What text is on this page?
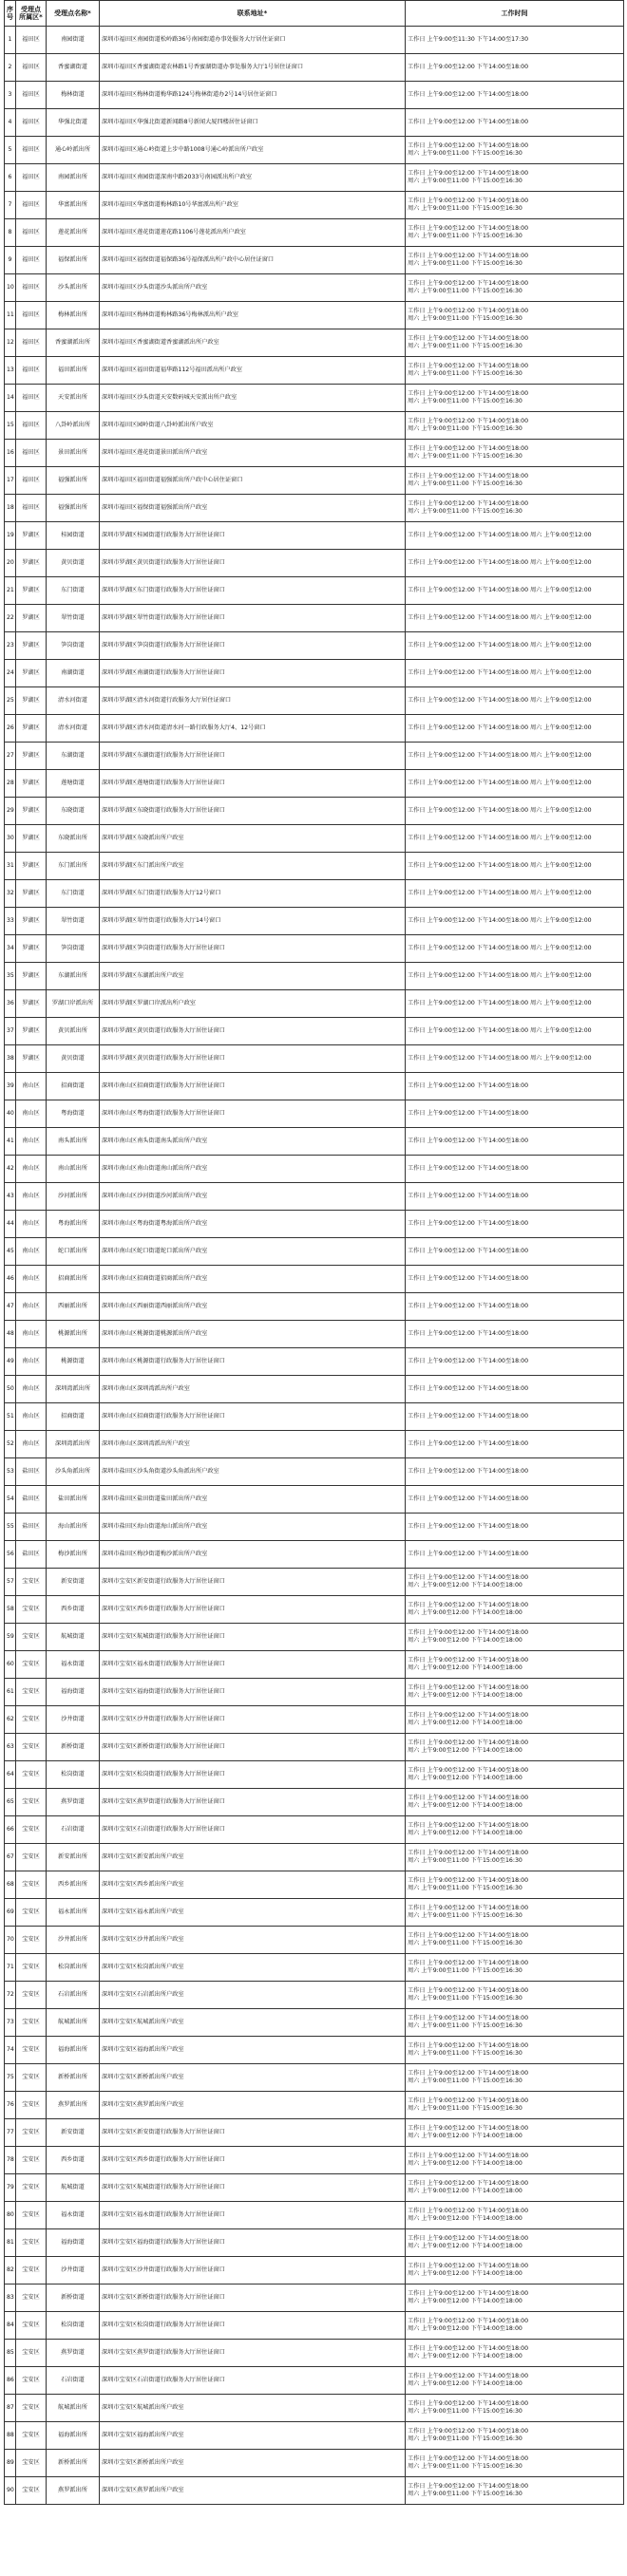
序号	受理点所属区*	受理点名称*	联系地址*	工作时间
1	福田区	南园街道	深圳市福田区南园街道松岭路36号南园街道办事处服务大厅居住证窗口	工作日 上午9:00至11:30 下午14:00至17:30
2	福田区	香蜜湖街道	深圳市福田区香蜜湖街道农林路1号香蜜湖街道办事处服务大厅1号居住证窗口	工作日 上午9:00至12:00 下午14:00至18:00
3	福田区	梅林街道	深圳市福田区梅林街道梅华路124号梅林街道办2号14号居住证窗口	工作日 上午9:00至12:00 下午14:00至18:00
4	福田区	华强北街道	深圳市福田区华强北街道新闻路8号新闻大厦四楼居住证窗口	工作日 上午9:00至12:00 下午14:00至18:00
5	福田区	通心岭派出所	深圳市福田区通心岭街道上步中路1008号通心岭派出所户政室	工作日 上午9:00至12:00 下午14:00至18:00
周六 上午9:00至11:00 下午15:00至16:30
6	福田区	南园派出所	深圳市福田区南园街道深南中路2033号南园派出所户政室	工作日 上午9:00至12:00 下午14:00至18:00
周六 上午9:00至11:00 下午15:00至16:30
7	福田区	华富派出所	深圳市福田区华富街道梅林路10号华富派出所户政室	工作日 上午9:00至12:00 下午14:00至18:00
周六 上午9:00至11:00 下午15:00至16:30
8	福田区	莲花派出所	深圳市福田区莲花街道莲花路1106号莲花派出所户政室	工作日 上午9:00至12:00 下午14:00至18:00
周六 上午9:00至11:00 下午15:00至16:30
9	福田区	福保派出所	深圳市福田区福保街道福保路36号福保派出所户政中心居住证窗口	工作日 上午9:00至12:00 下午14:00至18:00
周六 上午9:00至11:00 下午15:00至16:30
10	福田区	沙头派出所	深圳市福田区沙头街道沙头派出所户政室	工作日 上午9:00至12:00 下午14:00至18:00
周六 上午9:00至11:00 下午15:00至16:30
11	福田区	梅林派出所	深圳市福田区梅林街道梅林路36号梅林派出所户政室	工作日 上午9:00至12:00 下午14:00至18:00
周六 上午9:00至11:00 下午15:00至16:30
12	福田区	香蜜湖派出所	深圳市福田区香蜜湖街道香蜜湖派出所户政室	工作日 上午9:00至12:00 下午14:00至18:00
周六 上午9:00至11:00 下午15:00至16:30
13	福田区	福田派出所	深圳市福田区福田街道福华路112号福田派出所户政室	工作日 上午9:00至12:00 下午14:00至18:00
周六 上午9:00至11:00 下午15:00至16:30
14	福田区	天安派出所	深圳市福田区沙头街道天安数码城天安派出所户政室	工作日 上午9:00至12:00 下午14:00至18:00
周六 上午9:00至11:00 下午15:00至16:30
15	福田区	八卦岭派出所	深圳市福田区园岭街道八卦岭派出所户政室	工作日 上午9:00至12:00 下午14:00至18:00
周六 上午9:00至11:00 下午15:00至16:30
16	福田区	景田派出所	深圳市福田区莲花街道景田派出所户政室	工作日 上午9:00至12:00 下午14:00至18:00
周六 上午9:00至11:00 下午15:00至16:30
17	福田区	福强派出所	深圳市福田区福田街道福强派出所户政中心居住证窗口	工作日 上午9:00至12:00 下午14:00至18:00
周六 上午9:00至11:00 下午15:00至16:30
18	福田区	福强派出所	深圳市福田区福保街道福强派出所户政室	工作日 上午9:00至12:00 下午14:00至18:00
周六 上午9:00至11:00 下午15:00至16:30
19	罗湖区	桂园街道	深圳市罗湖区桂园街道行政服务大厅居住证窗口	工作日 上午9:00至12:00 下午14:00至18:00 周六 上午9:00至12:00
20	罗湖区	黄贝街道	深圳市罗湖区黄贝街道行政服务大厅居住证窗口	工作日 上午9:00至12:00 下午14:00至18:00 周六 上午9:00至12:00
21	罗湖区	东门街道	深圳市罗湖区东门街道行政服务大厅居住证窗口	工作日 上午9:00至12:00 下午14:00至18:00 周六 上午9:00至12:00
22	罗湖区	翠竹街道	深圳市罗湖区翠竹街道行政服务大厅居住证窗口	工作日 上午9:00至12:00 下午14:00至18:00 周六 上午9:00至12:00
23	罗湖区	笋岗街道	深圳市罗湖区笋岗街道行政服务大厅居住证窗口	工作日 上午9:00至12:00 下午14:00至18:00 周六 上午9:00至12:00
24	罗湖区	南湖街道	深圳市罗湖区南湖街道行政服务大厅居住证窗口	工作日 上午9:00至12:00 下午14:00至18:00 周六 上午9:00至12:00
25	罗湖区	清水河街道	深圳市罗湖区清水河街道行政服务大厅居住证窗口	工作日 上午9:00至12:00 下午14:00至18:00 周六 上午9:00至12:00
26	罗湖区	清水河街道	深圳市罗湖区清水河街道清水河一路行政服务大厅4、12号窗口	工作日 上午9:00至12:00 下午14:00至18:00 周六 上午9:00至12:00
27	罗湖区	东湖街道	深圳市罗湖区东湖街道行政服务大厅居住证窗口	工作日 上午9:00至12:00 下午14:00至18:00 周六 上午9:00至12:00
28	罗湖区	莲塘街道	深圳市罗湖区莲塘街道行政服务大厅居住证窗口	工作日 上午9:00至12:00 下午14:00至18:00 周六 上午9:00至12:00
29	罗湖区	东晓街道	深圳市罗湖区东晓街道行政服务大厅居住证窗口	工作日 上午9:00至12:00 下午14:00至18:00 周六 上午9:00至12:00
30	罗湖区	东晓派出所	深圳市罗湖区东晓派出所户政室	工作日 上午9:00至12:00 下午14:00至18:00 周六 上午9:00至12:00
31	罗湖区	东门派出所	深圳市罗湖区东门派出所户政室	工作日 上午9:00至12:00 下午14:00至18:00 周六 上午9:00至12:00
32	罗湖区	东门街道	深圳市罗湖区东门街道行政服务大厅12号窗口	工作日 上午9:00至12:00 下午14:00至18:00 周六 上午9:00至12:00
33	罗湖区	翠竹街道	深圳市罗湖区翠竹街道行政服务大厅14号窗口	工作日 上午9:00至12:00 下午14:00至18:00 周六 上午9:00至12:00
34	罗湖区	笋岗街道	深圳市罗湖区笋岗街道行政服务大厅居住证窗口	工作日 上午9:00至12:00 下午14:00至18:00 周六 上午9:00至12:00
35	罗湖区	东湖派出所	深圳市罗湖区东湖派出所户政室	工作日 上午9:00至12:00 下午14:00至18:00 周六 上午9:00至12:00
36	罗湖区	罗湖口岸派出所	深圳市罗湖区罗湖口岸派出所户政室	工作日 上午9:00至12:00 下午14:00至18:00 周六 上午9:00至12:00
37	罗湖区	黄贝派出所	深圳市罗湖区黄贝街道行政服务大厅居住证窗口	工作日 上午9:00至12:00 下午14:00至18:00 周六 上午9:00至12:00
38	罗湖区	黄贝街道	深圳市罗湖区黄贝街道行政服务大厅居住证窗口	工作日 上午9:00至12:00 下午14:00至18:00 周六 上午9:00至12:00
39	南山区	招商街道	深圳市南山区招商街道行政服务大厅居住证窗口	工作日 上午9:00至12:00 下午14:00至18:00
40	南山区	粤海街道	深圳市南山区粤海街道行政服务大厅居住证窗口	工作日 上午9:00至12:00 下午14:00至18:00
41	南山区	南头派出所	深圳市南山区南头街道南头派出所户政室	工作日 上午9:00至12:00 下午14:00至18:00
42	南山区	南山派出所	深圳市南山区南山街道南山派出所户政室	工作日 上午9:00至12:00 下午14:00至18:00
43	南山区	沙河派出所	深圳市南山区沙河街道沙河派出所户政室	工作日 上午9:00至12:00 下午14:00至18:00
44	南山区	粤海派出所	深圳市南山区粤海街道粤海派出所户政室	工作日 上午9:00至12:00 下午14:00至18:00
45	南山区	蛇口派出所	深圳市南山区蛇口街道蛇口派出所户政室	工作日 上午9:00至12:00 下午14:00至18:00
46	南山区	招商派出所	深圳市南山区招商街道招商派出所户政室	工作日 上午9:00至12:00 下午14:00至18:00
47	南山区	西丽派出所	深圳市南山区西丽街道西丽派出所户政室	工作日 上午9:00至12:00 下午14:00至18:00
48	南山区	桃源派出所	深圳市南山区桃源街道桃源派出所户政室	工作日 上午9:00至12:00 下午14:00至18:00
49	南山区	桃源街道	深圳市南山区桃源街道行政服务大厅居住证窗口	工作日 上午9:00至12:00 下午14:00至18:00
50	南山区	深圳湾派出所	深圳市南山区深圳湾派出所户政室	工作日 上午9:00至12:00 下午14:00至18:00
51	南山区	招商街道	深圳市南山区招商街道行政服务大厅居住证窗口	工作日 上午9:00至12:00 下午14:00至18:00
52	南山区	深圳湾派出所	深圳市南山区深圳湾派出所户政室	工作日 上午9:00至12:00 下午14:00至18:00
53	盐田区	沙头角派出所	深圳市盐田区沙头角街道沙头角派出所户政室	工作日 上午9:00至12:00 下午14:00至18:00
54	盐田区	盐田派出所	深圳市盐田区盐田街道盐田派出所户政室	工作日 上午9:00至12:00 下午14:00至18:00
55	盐田区	海山派出所	深圳市盐田区海山街道海山派出所户政室	工作日 上午9:00至12:00 下午14:00至18:00
56	盐田区	梅沙派出所	深圳市盐田区梅沙街道梅沙派出所户政室	工作日 上午9:00至12:00 下午14:00至18:00
57	宝安区	新安街道	深圳市宝安区新安街道行政服务大厅居住证窗口	工作日 上午9:00至12:00 下午14:00至18:00
周六 上午9:00至12:00 下午14:00至18:00
58	宝安区	西乡街道	深圳市宝安区西乡街道行政服务大厅居住证窗口	工作日 上午9:00至12:00 下午14:00至18:00
周六 上午9:00至12:00 下午14:00至18:00
59	宝安区	航城街道	深圳市宝安区航城街道行政服务大厅居住证窗口	工作日 上午9:00至12:00 下午14:00至18:00
周六 上午9:00至12:00 下午14:00至18:00
60	宝安区	福永街道	深圳市宝安区福永街道行政服务大厅居住证窗口	工作日 上午9:00至12:00 下午14:00至18:00
周六 上午9:00至12:00 下午14:00至18:00
61	宝安区	福海街道	深圳市宝安区福海街道行政服务大厅居住证窗口	工作日 上午9:00至12:00 下午14:00至18:00
周六 上午9:00至12:00 下午14:00至18:00
62	宝安区	沙井街道	深圳市宝安区沙井街道行政服务大厅居住证窗口	工作日 上午9:00至12:00 下午14:00至18:00
周六 上午9:00至12:00 下午14:00至18:00
63	宝安区	新桥街道	深圳市宝安区新桥街道行政服务大厅居住证窗口	工作日 上午9:00至12:00 下午14:00至18:00
周六 上午9:00至12:00 下午14:00至18:00
64	宝安区	松岗街道	深圳市宝安区松岗街道行政服务大厅居住证窗口	工作日 上午9:00至12:00 下午14:00至18:00
周六 上午9:00至12:00 下午14:00至18:00
65	宝安区	燕罗街道	深圳市宝安区燕罗街道行政服务大厅居住证窗口	工作日 上午9:00至12:00 下午14:00至18:00
周六 上午9:00至12:00 下午14:00至18:00
66	宝安区	石岩街道	深圳市宝安区石岩街道行政服务大厅居住证窗口	工作日 上午9:00至12:00 下午14:00至18:00
周六 上午9:00至12:00 下午14:00至18:00
67	宝安区	新安派出所	深圳市宝安区新安派出所户政室	工作日 上午9:00至12:00 下午14:00至18:00
周六 上午9:00至11:00 下午15:00至16:30
68	宝安区	西乡派出所	深圳市宝安区西乡派出所户政室	工作日 上午9:00至12:00 下午14:00至18:00
周六 上午9:00至11:00 下午15:00至16:30
69	宝安区	福永派出所	深圳市宝安区福永派出所户政室	工作日 上午9:00至12:00 下午14:00至18:00
周六 上午9:00至11:00 下午15:00至16:30
70	宝安区	沙井派出所	深圳市宝安区沙井派出所户政室	工作日 上午9:00至12:00 下午14:00至18:00
周六 上午9:00至11:00 下午15:00至16:30
71	宝安区	松岗派出所	深圳市宝安区松岗派出所户政室	工作日 上午9:00至12:00 下午14:00至18:00
周六 上午9:00至11:00 下午15:00至16:30
72	宝安区	石岩派出所	深圳市宝安区石岩派出所户政室	工作日 上午9:00至12:00 下午14:00至18:00
周六 上午9:00至11:00 下午15:00至16:30
73	宝安区	航城派出所	深圳市宝安区航城派出所户政室	工作日 上午9:00至12:00 下午14:00至18:00
周六 上午9:00至11:00 下午15:00至16:30
74	宝安区	福海派出所	深圳市宝安区福海派出所户政室	工作日 上午9:00至12:00 下午14:00至18:00
周六 上午9:00至11:00 下午15:00至16:30
75	宝安区	新桥派出所	深圳市宝安区新桥派出所户政室	工作日 上午9:00至12:00 下午14:00至18:00
周六 上午9:00至11:00 下午15:00至16:30
76	宝安区	燕罗派出所	深圳市宝安区燕罗派出所户政室	工作日 上午9:00至12:00 下午14:00至18:00
周六 上午9:00至11:00 下午15:00至16:30
77	宝安区	新安街道	深圳市宝安区新安街道行政服务大厅居住证窗口	工作日 上午9:00至12:00 下午14:00至18:00
周六 上午9:00至12:00 下午14:00至18:00
78	宝安区	西乡街道	深圳市宝安区西乡街道行政服务大厅居住证窗口	工作日 上午9:00至12:00 下午14:00至18:00
周六 上午9:00至12:00 下午14:00至18:00
79	宝安区	航城街道	深圳市宝安区航城街道行政服务大厅居住证窗口	工作日 上午9:00至12:00 下午14:00至18:00
周六 上午9:00至12:00 下午14:00至18:00
80	宝安区	福永街道	深圳市宝安区福永街道行政服务大厅居住证窗口	工作日 上午9:00至12:00 下午14:00至18:00
周六 上午9:00至12:00 下午14:00至18:00
81	宝安区	福海街道	深圳市宝安区福海街道行政服务大厅居住证窗口	工作日 上午9:00至12:00 下午14:00至18:00
周六 上午9:00至12:00 下午14:00至18:00
82	宝安区	沙井街道	深圳市宝安区沙井街道行政服务大厅居住证窗口	工作日 上午9:00至12:00 下午14:00至18:00
周六 上午9:00至12:00 下午14:00至18:00
83	宝安区	新桥街道	深圳市宝安区新桥街道行政服务大厅居住证窗口	工作日 上午9:00至12:00 下午14:00至18:00
周六 上午9:00至12:00 下午14:00至18:00
84	宝安区	松岗街道	深圳市宝安区松岗街道行政服务大厅居住证窗口	工作日 上午9:00至12:00 下午14:00至18:00
周六 上午9:00至12:00 下午14:00至18:00
85	宝安区	燕罗街道	深圳市宝安区燕罗街道行政服务大厅居住证窗口	工作日 上午9:00至12:00 下午14:00至18:00
周六 上午9:00至12:00 下午14:00至18:00
86	宝安区	石岩街道	深圳市宝安区石岩街道行政服务大厅居住证窗口	工作日 上午9:00至12:00 下午14:00至18:00
周六 上午9:00至12:00 下午14:00至18:00
87	宝安区	航城派出所	深圳市宝安区航城派出所户政室	工作日 上午9:00至12:00 下午14:00至18:00
周六 上午9:00至11:00 下午15:00至16:30
88	宝安区	福海派出所	深圳市宝安区福海派出所户政室	工作日 上午9:00至12:00 下午14:00至18:00
周六 上午9:00至11:00 下午15:00至16:30
89	宝安区	新桥派出所	深圳市宝安区新桥派出所户政室	工作日 上午9:00至12:00 下午14:00至18:00
周六 上午9:00至11:00 下午15:00至16:30
90	宝安区	燕罗派出所	深圳市宝安区燕罗派出所户政室	工作日 上午9:00至12:00 下午14:00至18:00
周六 上午9:00至11:00 下午15:00至16:30
